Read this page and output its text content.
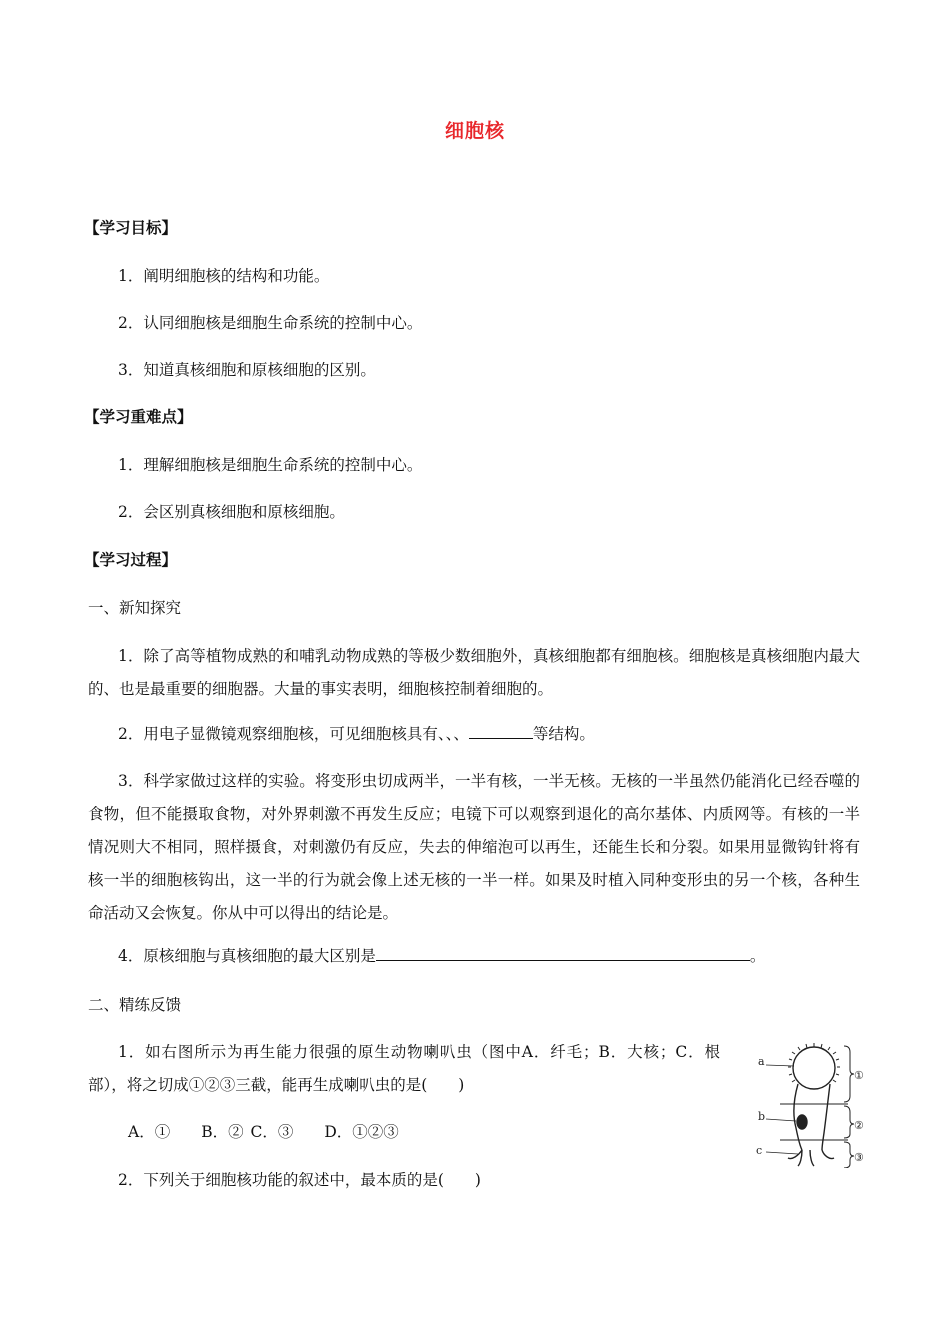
细胞核
【学习目标】
1．阐明细胞核的结构和功能。
2．认同细胞核是细胞生命系统的控制中心。
3．知道真核细胞和原核细胞的区别。
【学习重难点】
1．理解细胞核是细胞生命系统的控制中心。
2．会区别真核细胞和原核细胞。
【学习过程】
一、新知探究
1．除了高等植物成熟的和哺乳动物成熟的等极少数细胞外，真核细胞都有细胞核。细胞核是真核细胞内最大的、也是最重要的细胞器。大量的事实表明，细胞核控制着细胞的。
2．用电子显微镜观察细胞核，可见细胞核具有、、、	等结构。
3．科学家做过这样的实验。将变形虫切成两半，一半有核，一半无核。无核的一半虽然仍能消化已经吞噬的食物，但不能摄取食物，对外界刺激不再发生反应；电镜下可以观察到退化的高尔基体、内质网等。有核的一半情况则大不相同，照样摄食，对刺激仍有反应，失去的伸缩泡可以再生，还能生长和分裂。如果用显微钩针将有核一半的细胞核钩出，这一半的行为就会像上述无核的一半一样。如果及时植入同种变形虫的另一个核，各种生命活动又会恢复。你从中可以得出的结论是。
4．原核细胞与真核细胞的最大区别是	。
二、精练反馈
1．如右图所示为再生能力很强的原生动物喇叭虫（图中A．纤毛；B．大核；C．根部），将之切成①②③三截，能再生成喇叭虫的是(　　)
A．①　　B．② C．③　　D．①②③
2．下列关于细胞核功能的叙述中，最本质的是(　　)
a
b
c
①
②
③
